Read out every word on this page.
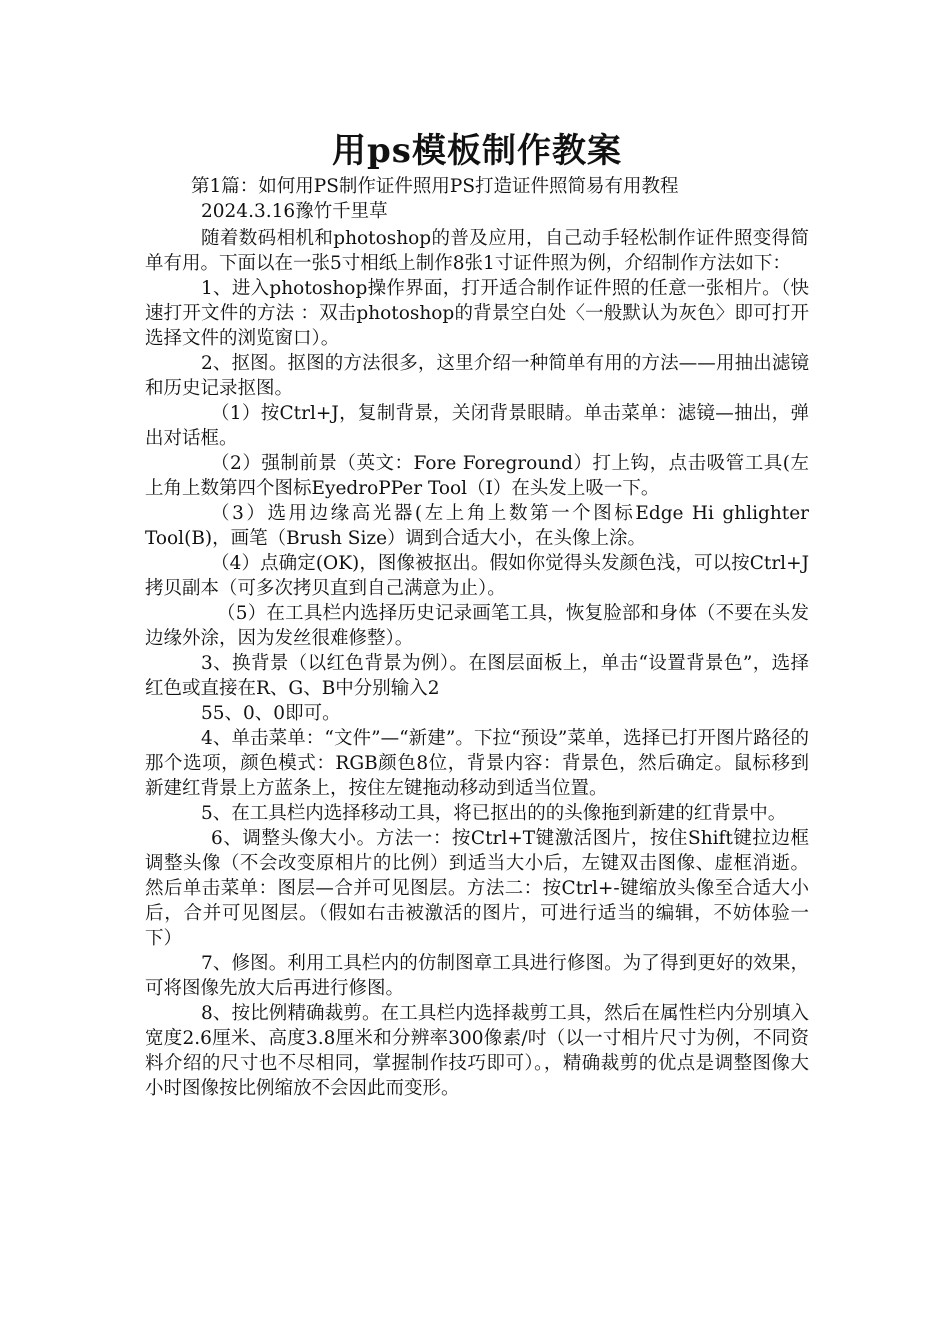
用ps模板制作教案

第1篇：如何用PS制作证件照用PS打造证件照简易有用教程

2024.3.16豫竹千里草

随着数码相机和photoshop的普及应用，自己动手轻松制作证件照变得简单有用。下面以在一张5寸相纸上制作8张1寸证件照为例，介绍制作方法如下：

1、进入photoshop操作界面，打开适合制作证件照的任意一张相片。（快速打开文件的方法 ：双击photoshop的背景空白处〈一般默认为灰色〉即可打开选择文件的浏览窗口）。

2、抠图。抠图的方法很多，这里介绍一种简单有用的方法——用抽出滤镜和历史记录抠图。

（1）按Ctrl+J，复制背景，关闭背景眼睛。单击菜单：滤镜—抽出，弹出对话框。

（2）强制前景（英文：Fore Foreground）打上钩，点击吸管工具(左上角上数第四个图标EyedroPPer Tool（I）在头发上吸一下。

（3）选用边缘高光器(左上角上数第一个图标Edge Hi ghlighter Tool(B)，画笔（Brush Size）调到合适大小，在头像上涂。

（4）点确定(OK)，图像被抠出。假如你觉得头发颜色浅，可以按Ctrl+J拷贝副本（可多次拷贝直到自己满意为止）。

（5）在工具栏内选择历史记录画笔工具，恢复脸部和身体（不要在头发边缘外涂，因为发丝很难修整）。

3、换背景（以红色背景为例）。在图层面板上，单击“设置背景色”，选择红色或直接在R、G、B中分别输入2

55、0、0即可。

4、单击菜单：“文件”—“新建”。下拉“预设”菜单，选择已打开图片路径的那个选项，颜色模式：RGB颜色8位，背景内容：背景色，然后确定。鼠标移到新建红背景上方蓝条上，按住左键拖动移动到适当位置。

5、在工具栏内选择移动工具，将已抠出的的头像拖到新建的红背景中。

6、调整头像大小。方法一：按Ctrl+T键激活图片，按住Shift键拉边框调整头像（不会改变原相片的比例）到适当大小后，左键双击图像、虚框消逝。然后单击菜单：图层—合并可见图层。方法二：按Ctrl+-键缩放头像至合适大小后，合并可见图层。（假如右击被激活的图片，可进行适当的编辑，不妨体验一下）

7、修图。利用工具栏内的仿制图章工具进行修图。为了得到更好的效果，可将图像先放大后再进行修图。

8、按比例精确裁剪。在工具栏内选择裁剪工具，然后在属性栏内分别填入宽度2.6厘米、高度3.8厘米和分辨率300像素/吋（以一寸相片尺寸为例，不同资料介绍的尺寸也不尽相同，掌握制作技巧即可）。，精确裁剪的优点是调整图像大小时图像按比例缩放不会因此而变形。
